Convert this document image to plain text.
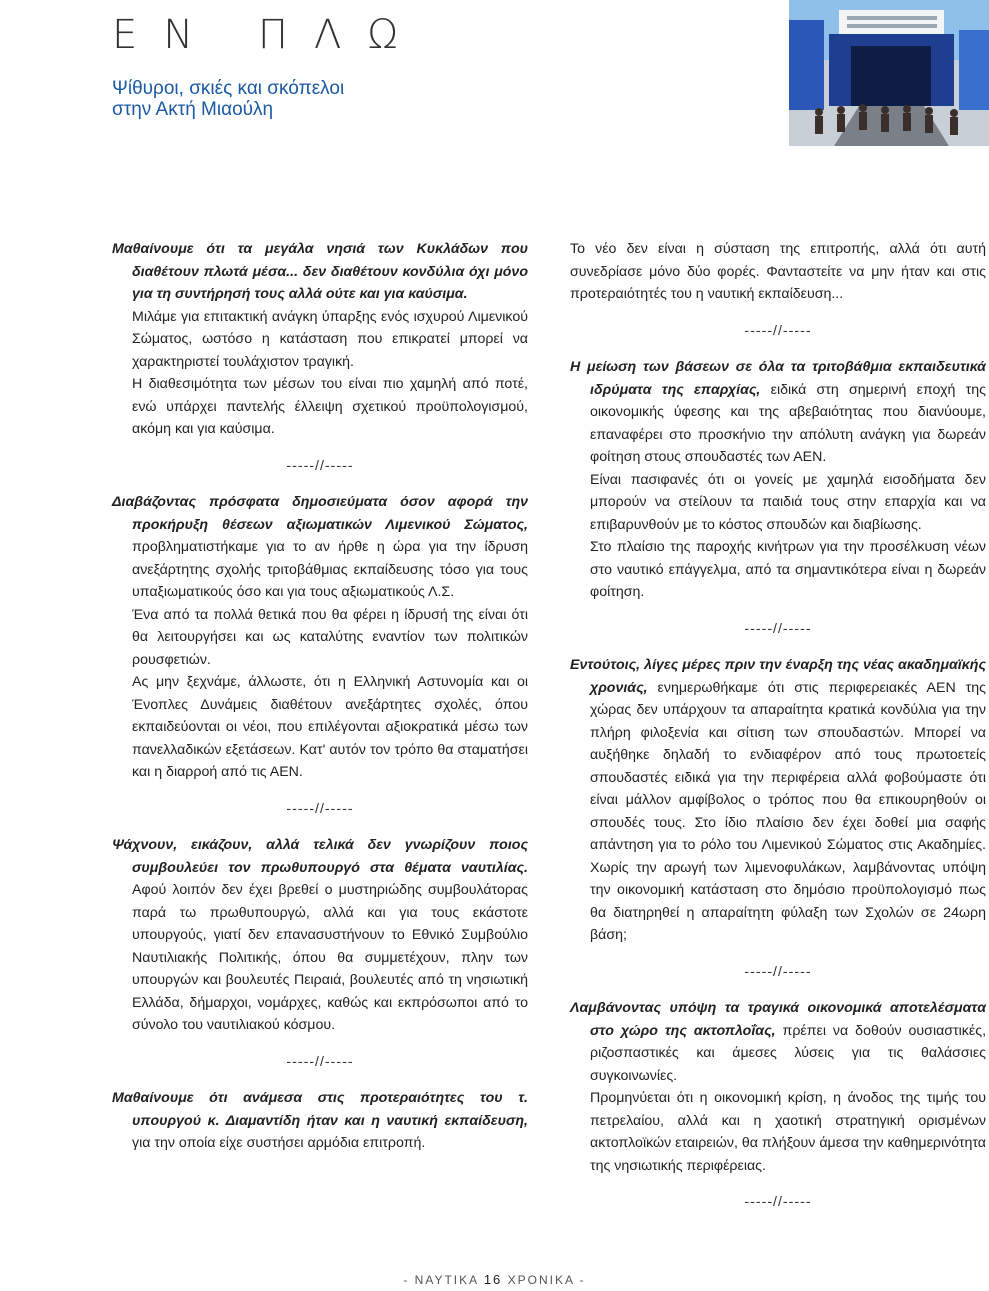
ΕΝ ΠΛΩ
Ψίθυροι, σκιές και σκόπελοι
στην Ακτή Μιαούλη

Μαθαίνουμε ότι τα μεγάλα νησιά των Κυκλάδων που διαθέτουν πλωτά μέσα... δεν διαθέτουν κονδύλια όχι μόνο για τη συντήρησή τους αλλά ούτε και για καύσιμα.

Μιλάμε για επιτακτική ανάγκη ύπαρξης ενός ισχυρού Λιμενικού Σώματος, ωστόσο η κατάσταση που επικρατεί μπορεί να χαρακτηριστεί τουλάχιστον τραγική.

Η διαθεσιμότητα των μέσων του είναι πιο χαμηλή από ποτέ, ενώ υπάρχει παντελής έλλειψη σχετικού προϋπολογισμού, ακόμη και για καύσιμα.

-----//-----

Διαβάζοντας πρόσφατα δημοσιεύματα όσον αφορά την προκήρυξη θέσεων αξιωματικών Λιμενικού Σώματος, προβληματιστήκαμε για το αν ήρθε η ώρα για την ίδρυση ανεξάρτητης σχολής τριτοβάθμιας εκπαίδευσης τόσο για τους υπαξιωματικούς όσο και για τους αξιωματικούς Λ.Σ.

Ένα από τα πολλά θετικά που θα φέρει η ίδρυσή της είναι ότι θα λειτουργήσει και ως καταλύτης εναντίον των πολιτικών ρουσφετιών.

Ας μην ξεχνάμε, άλλωστε, ότι η Ελληνική Αστυνομία και οι Ένοπλες Δυνάμεις διαθέτουν ανεξάρτητες σχολές, όπου εκπαιδεύονται οι νέοι, που επιλέγονται αξιοκρατικά μέσω των πανελλαδικών εξετάσεων. Κατ' αυτόν τον τρόπο θα σταματήσει και η διαρροή από τις ΑΕΝ.

-----//-----

Ψάχνουν, εικάζουν, αλλά τελικά δεν γνωρίζουν ποιος συμβουλεύει τον πρωθυπουργό στα θέματα ναυτιλίας. Αφού λοιπόν δεν έχει βρεθεί ο μυστηριώδης συμβουλάτορας παρά τω πρωθυπουργώ, αλλά και για τους εκάστοτε υπουργούς, γιατί δεν επανασυστήνουν το Εθνικό Συμβούλιο Ναυτιλιακής Πολιτικής, όπου θα συμμετέχουν, πλην των υπουργών και βουλευτές Πειραιά, βουλευτές από τη νησιωτική Ελλάδα, δήμαρχοι, νομάρχες, καθώς και εκπρόσωποι από το σύνολο του ναυτιλιακού κόσμου.

-----//-----

Μαθαίνουμε ότι ανάμεσα στις προτεραιότητες του τ. υπουργού κ. Διαμαντίδη ήταν και η ναυτική εκπαίδευση, για την οποία είχε συστήσει αρμόδια επιτροπή.

Το νέο δεν είναι η σύσταση της επιτροπής, αλλά ότι αυτή συνεδρίασε μόνο δύο φορές. Φανταστείτε να μην ήταν και στις προτεραιότητές του η ναυτική εκπαίδευση...

-----//-----

Η μείωση των βάσεων σε όλα τα τριτοβάθμια εκπαιδευτικά ιδρύματα της επαρχίας, ειδικά στη σημερινή εποχή της οικονομικής ύφεσης και της αβεβαιότητας που διανύουμε, επαναφέρει στο προσκήνιο την απόλυτη ανάγκη για δωρεάν φοίτηση στους σπουδαστές των ΑΕΝ.

Είναι πασιφανές ότι οι γονείς με χαμηλά εισοδήματα δεν μπορούν να στείλουν τα παιδιά τους στην επαρχία και να επιβαρυνθούν με το κόστος σπουδών και διαβίωσης.

Στο πλαίσιο της παροχής κινήτρων για την προσέλκυση νέων στο ναυτικό επάγγελμα, από τα σημαντικότερα είναι η δωρεάν φοίτηση.

-----//-----

Εντούτοις, λίγες μέρες πριν την έναρξη της νέας ακαδημαϊκής χρονιάς, ενημερωθήκαμε ότι στις περιφερειακές ΑΕΝ της χώρας δεν υπάρχουν τα απαραίτητα κρατικά κονδύλια για την πλήρη φιλοξενία και σίτιση των σπουδαστών. Μπορεί να αυξήθηκε δηλαδή το ενδιαφέρον από τους πρωτοετείς σπουδαστές ειδικά για την περιφέρεια αλλά φοβούμαστε ότι είναι μάλλον αμφίβολος ο τρόπος που θα επικουρηθούν οι σπουδές τους. Στο ίδιο πλαίσιο δεν έχει δοθεί μια σαφής απάντηση για το ρόλο του Λιμενικού Σώματος στις Ακαδημίες. Χωρίς την αρωγή των λιμενοφυλάκων, λαμβάνοντας υπόψη την οικονομική κατάσταση στο δημόσιο προϋπολογισμό πως θα διατηρηθεί η απαραίτητη φύλαξη των Σχολών σε 24ωρη βάση;

-----//-----

Λαμβάνοντας υπόψη τα τραγικά οικονομικά αποτελέσματα στο χώρο της ακτοπλοΐας, πρέπει να δοθούν ουσιαστικές, ριζοσπαστικές και άμεσες λύσεις για τις θαλάσσιες συγκοινωνίες.

Προμηνύεται ότι η οικονομική κρίση, η άνοδος της τιμής του πετρελαίου, αλλά και η χαοτική στρατηγική ορισμένων ακτοπλοϊκών εταιρειών, θα πλήξουν άμεσα την καθημερινότητα της νησιωτικής περιφέρειας.

-----//-----
- ΝΑΥΤΙΚΑ 16 ΧΡΟΝΙΚΑ -
